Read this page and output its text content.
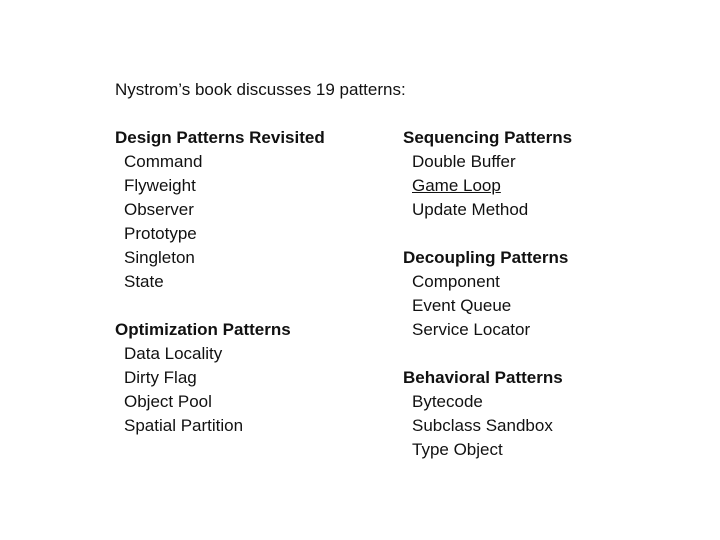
Nystrom’s book discusses 19 patterns:
Design Patterns Revisited
Command
Flyweight
Observer
Prototype
Singleton
State
Optimization Patterns
Data Locality
Dirty Flag
Object Pool
Spatial Partition
Sequencing Patterns
Double Buffer
Game Loop
Update Method
Decoupling Patterns
Component
Event Queue
Service Locator
Behavioral Patterns
Bytecode
Subclass Sandbox
Type Object
